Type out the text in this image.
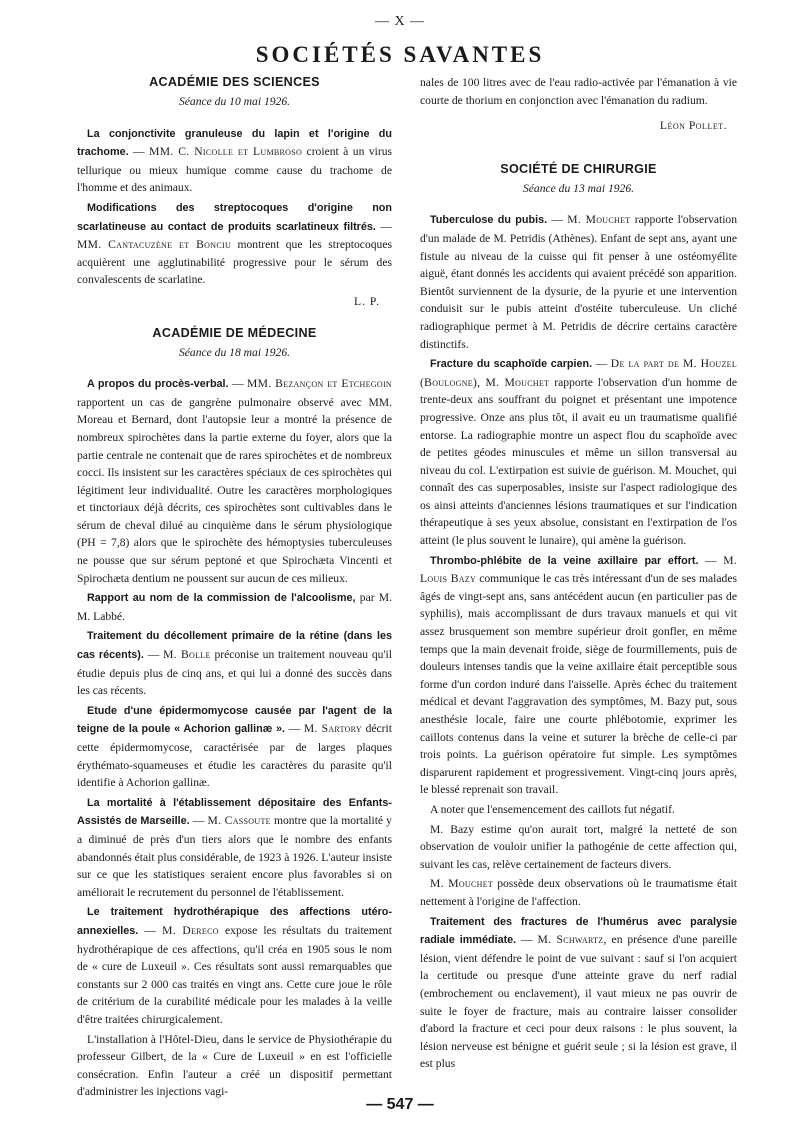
— X —
SOCIÉTÉS SAVANTES
ACADÉMIE DES SCIENCES
Séance du 10 mai 1926.

La conjonctivite granuleuse du lapin et l'origine du trachome. — MM. C. Nicolle et Lumbroso croient à un virus tellurique ou mieux humique comme cause du trachome de l'homme et des animaux.

Modifications des streptocoques d'origine non scarlatineuse au contact de produits scarlatineux filtrés. — MM. Cantacuzène et Bonciu montrent que les streptocoques acquièrent une agglutinabilité progressive pour le sérum des convalescents de scarlatine.

L. P.
ACADÉMIE DE MÉDECINE
Séance du 18 mai 1926.

A propos du procès-verbal. — MM. Bezançon et Etchegoin rapportent un cas de gangrène pulmonaire observé avec MM. Moreau et Bernard, dont l'autopsie leur a montré la présence de nombreux spirochètes dans la partie externe du foyer, alors que la partie centrale ne contenait que de rares spirochètes et de nombreux cocci. Ils insistent sur les caractères spéciaux de ces spirochètes qui légitiment leur individualité. Outre les caractères morphologiques et tinctoriaux déjà décrits, ces spirochètes sont cultivables dans le sérum de cheval dilué au cinquième dans le sérum physiologique (PH = 7,8) alors que le spirochète des hémoptysies tuberculeuses ne pousse que sur sérum peptoné et que Spirochæta Vincenti et Spirochæta dentium ne poussent sur aucun de ces milieux.

Rapport au nom de la commission de l'alcoolisme, par M. M. Labbé.

Traitement du décollement primaire de la rétine (dans les cas récents). — M. Bolle préconise un traitement nouveau qu'il étudie depuis plus de cinq ans, et qui lui a donné des succès dans les cas récents.

Etude d'une épidermomycose causée par l'agent de la teigne de la poule « Achorion gallinæ ». — M. Sartory décrit cette épidermomycose, caractérisée par de larges plaques érythémato-squameuses et étudie les caractères du parasite qu'il identifie à Achorion gallinæ.

La mortalité à l'établissement dépositaire des Enfants-Assistés de Marseille. — M. Cassoute montre que la mortalité y a diminué de près d'un tiers alors que le nombre des enfants abandonnés était plus considérable, de 1923 à 1926. L'auteur insiste sur ce que les statistiques seraient encore plus favorables si on améliorait le recrutement du personnel de l'établissement.

Le traitement hydrothérapique des affections utéro-annexielles. — M. Dereco expose les résultats du traitement hydrothérapique de ces affections, qu'il créa en 1905 sous le nom de « cure de Luxeuil ». Ces résultats sont aussi remarquables que constants sur 2 000 cas traités en vingt ans. Cette cure joue le rôle de critérium de la curabilité médicale pour les malades à la veille d'être traitées chirurgicalement.

L'installation à l'Hôtel-Dieu, dans le service de Physiothérapie du professeur Gilbert, de la « Cure de Luxeuil » en est l'officielle consécration. Enfin l'auteur a créé un dispositif permettant d'administrer les injections vagi-

nales de 100 litres avec de l'eau radio-activée par l'émanation à vie courte de thorium en conjonction avec l'émanation du radium.

Léon Pollet.
SOCIÉTÉ DE CHIRURGIE
Séance du 13 mai 1926.

Tuberculose du pubis. — M. Mouchet rapporte l'observation d'un malade de M. Petridis (Athènes). Enfant de sept ans, ayant une fistule au niveau de la cuisse qui fit penser à une ostéomyélite aiguë, étant donnés les accidents qui avaient précédé son apparition. Bientôt surviennent de la dysurie, de la pyurie et une intervention conduisit sur le pubis atteint d'ostéite tuberculeuse. Un cliché radiographique permet à M. Petridis de décrire certains caractère distinctifs.

Fracture du scaphoïde carpien. — De la part de M. Houzel (Boulogne), M. Mouchet rapporte l'observation d'un homme de trente-deux ans souffrant du poignet et présentant une impotence progressive. Onze ans plus tôt, il avait eu un traumatisme qualifié entorse. La radiographie montre un aspect flou du scaphoïde avec de petites géodes minuscules et même un sillon transversal au niveau du col. L'extirpation est suivie de guérison. M. Mouchet, qui connaît des cas superposables, insiste sur l'aspect radiologique des os ainsi atteints d'anciennes lésions traumatiques et sur l'indication thérapeutique à ses yeux absolue, consistant en l'extirpation de l'os atteint (le plus souvent le lunaire), qui amène la guérison.

Thrombo-phlébite de la veine axillaire par effort. — M. Louis Bazy communique le cas très intéressant d'un de ses malades âgés de vingt-sept ans, sans antécédent aucun (en particulier pas de syphilis), mais accomplissant de durs travaux manuels et qui vit assez brusquement son membre supérieur droit gonfler, en même temps que la main devenait froide, siège de fourmillements, puis de douleurs intenses tandis que la veine axillaire était perceptible sous forme d'un cordon induré dans l'aisselle. Après échec du traitement médical et devant l'aggravation des symptômes, M. Bazy put, sous anesthésie locale, faire une courte phlébotomie, exprimer les caillots contenus dans la veine et suturer la brèche de celle-ci par trois points. La guérison opératoire fut simple. Les symptômes disparurent rapidement et progressivement. Vingt-cinq jours après, le blessé reprenait son travail.

A noter que l'ensemencement des caillots fut négatif.

M. Bazy estime qu'on aurait tort, malgré la netteté de son observation de vouloir unifier la pathogénie de cette affection qui, suivant les cas, relève certainement de facteurs divers.

M. Mouchet possède deux observations où le traumatisme était nettement à l'origine de l'affection.

Traitement des fractures de l'humérus avec paralysie radiale immédiate. — M. Schwartz, en présence d'une pareille lésion, vient défendre le point de vue suivant : sauf si l'on acquiert la certitude ou presque d'une atteinte grave du nerf radial (embrochement ou enclavement), il vaut mieux ne pas ouvrir de suite le foyer de fracture, mais au contraire laisser consolider d'abord la fracture et ceci pour deux raisons : le plus souvent, la lésion nerveuse est bénigne et guérit seule ; si la lésion est grave, il est plus

— 547 —
